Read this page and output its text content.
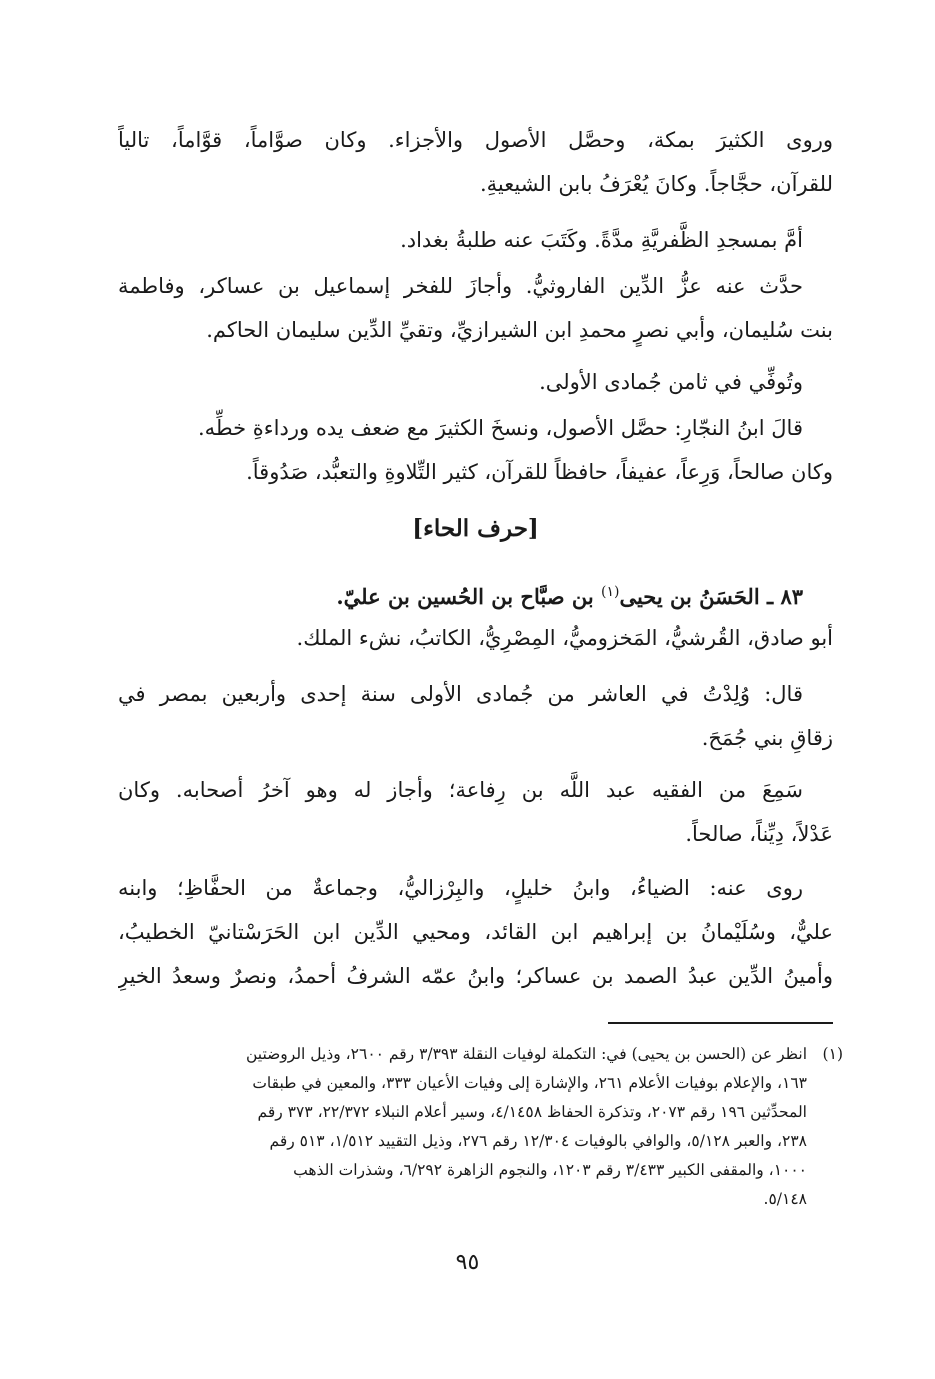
وروى الكثيرَ بمكة، وحصَّل الأصول والأجزاء. وكان صوَّاماً، قوَّاماً، تالياً
للقرآن، حجَّاجاً. وكانَ يُعْرَفُ بابن الشيعيةِ.
أمَّ بمسجدِ الظَّفريَّةِ مدَّةً. وكَتَبَ عنه طلبةُ بغداد.
حدَّث عنه عزُّ الدِّين الفاروثيُّ. وأجازَ للفخر إسماعيل بن عساكر، وفاطمة
بنت سُليمان، وأبي نصرٍ محمدِ ابن الشيرازيِّ، وتقيِّ الدِّين سليمان الحاكم.
وتُوفِّي في ثامن جُمادى الأولى.
قالَ ابنُ النجّارِ: حصَّل الأصول، ونسخَ الكثيرَ مع ضعف يده ورداءةِ خطِّه.
وكان صالحاً، وَرِعاً، عفيفاً، حافظاً للقرآن، كثير التِّلاوةِ والتعبُّد، صَدُوقاً.
[حرف الحاء]
٨٣ ـ الحَسَنُ بن يحيى$^{(١)}$ بن صبَّاح بن الحُسين بن عليّ.
أبو صادق، القُرشيُّ، المَخزوميُّ، المِصْرِيُّ، الكاتبُ، نشء الملك.
قال: وُلِدْتُ في العاشر من جُمادى الأولى سنة إحدى وأربعين بمصر في
زقاقِ بني جُمَحَ.
سَمِعَ من الفقيه عبد اللَّه بن رِفاعة؛ وأجاز له وهو آخرُ أصحابه. وكان
عَدْلاً، دِيِّناً، صالحاً.
روى عنه: الضياءُ، وابنُ خليلٍ، والبِرْزاليُّ، وجماعةٌ من الحفَّاظِ؛ وابنه
عليٌّ، وسُلَيْمانُ بن إبراهيم ابن القائد، ومحيي الدِّين ابن الحَرَسْتانيّ الخطيبُ،
وأمينُ الدِّين عبدُ الصمد بن عساكر؛ وابنُ عمّه الشرفُ أحمدُ، ونصرٌ وسعدُ الخيرِ
(١)انظر عن (الحسن بن يحيى) في: التكملة لوفيات النقلة ٣/٣٩٣ رقم ٢٦٠٠، وذيل الروضتين
١٦٣، والإعلام بوفيات الأعلام ٢٦١، والإشارة إلى وفيات الأعيان ٣٣٣، والمعين في طبقات
المحدِّثين ١٩٦ رقم ٢٠٧٣، وتذكرة الحفاظ ٤/١٤٥٨، وسير أعلام النبلاء ٢٢/٣٧٢، ٣٧٣ رقم
٢٣٨، والعبر ٥/١٢٨، والوافي بالوفيات ١٢/٣٠٤ رقم ٢٧٦، وذيل التقييد ١/٥١٢، ٥١٣ رقم
١٠٠٠، والمقفى الكبير ٣/٤٣٣ رقم ١٢٠٣، والنجوم الزاهرة ٦/٢٩٢، وشذرات الذهب
٥/١٤٨.
٩٥
